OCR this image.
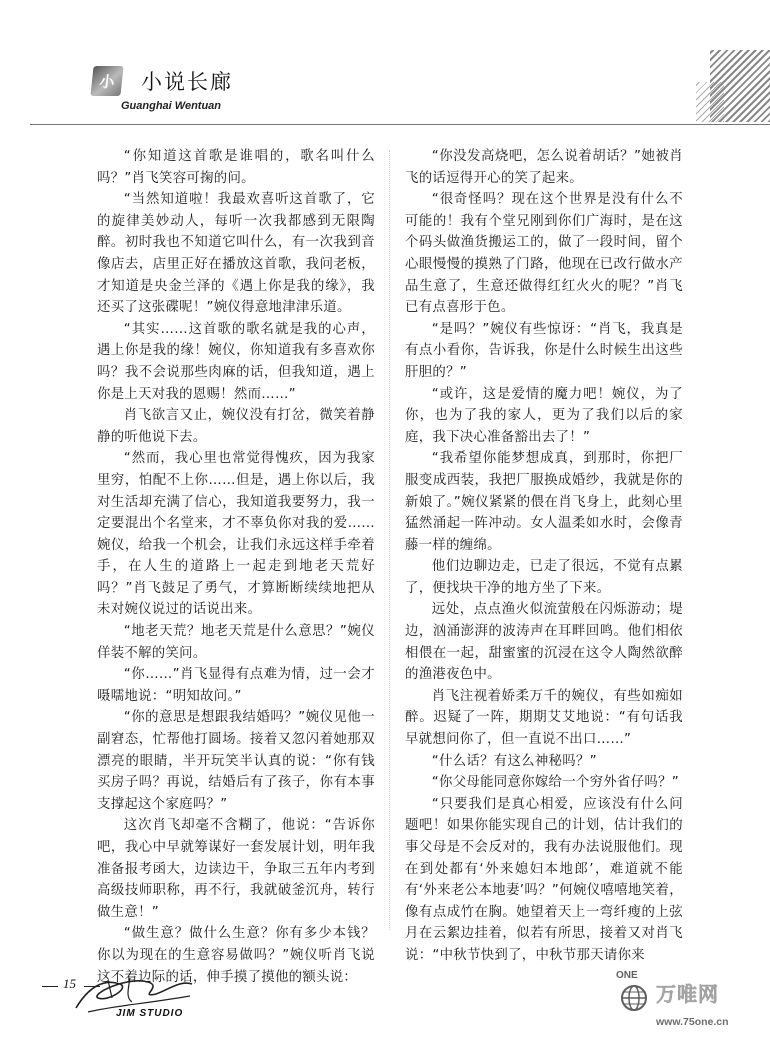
小 小说长廊
Guanghai Wentuan

“你知道这首歌是谁唱的，歌名叫什么吗？”肖飞笑容可掬的问。

“当然知道啦！我最欢喜听这首歌了，它的旋律美妙动人，每听一次我都感到无限陶醉。初时我也不知道它叫什么，有一次我到音像店去，店里正好在播放这首歌，我问老板，才知道是央金兰泽的《遇上你是我的缘》，我还买了这张碟呢！”婉仪得意地津津乐道。

“其实……这首歌的歌名就是我的心声，遇上你是我的缘！婉仪，你知道我有多喜欢你吗？我不会说那些肉麻的话，但我知道，遇上你是上天对我的恩赐！然而……”

肖飞欲言又止，婉仪没有打岔，微笑着静静的听他说下去。

“然而，我心里也常觉得愧疚，因为我家里穷，怕配不上你……但是，遇上你以后，我对生活却充满了信心，我知道我要努力，我一定要混出个名堂来，才不辜负你对我的爱……婉仪，给我一个机会，让我们永远这样手牵着手，在人生的道路上一起走到地老天荒好吗？”肖飞鼓足了勇气，才算断断续续地把从未对婉仪说过的话说出来。

“地老天荒？地老天荒是什么意思？”婉仪佯装不解的笑问。

“你……”肖飞显得有点难为情，过一会才嗫嚅地说：“明知故问。”

“你的意思是想跟我结婚吗？”婉仪见他一副窘态，忙帮他打圆场。接着又忽闪着她那双漂亮的眼睛，半开玩笑半认真的说：“你有钱买房子吗？再说，结婚后有了孩子，你有本事支撑起这个家庭吗？”

这次肖飞却毫不含糊了，他说：“告诉你吧，我心中早就筹谋好一套发展计划，明年我准备报考函大，边读边干，争取三五年内考到高级技师职称，再不行，我就破釜沉舟，转行做生意！”

“做生意？做什么生意？你有多少本钱？你以为现在的生意容易做吗？”婉仪听肖飞说这不着边际的话，伸手摸了摸他的额头说：

“你没发高烧吧，怎么说着胡话？”她被肖飞的话逗得开心的笑了起来。

“很奇怪吗？现在这个世界是没有什么不可能的！我有个堂兄刚到你们广海时，是在这个码头做渔货搬运工的，做了一段时间，留个心眼慢慢的摸熟了门路，他现在已改行做水产品生意了，生意还做得红红火火的呢？”肖飞已有点喜形于色。

“是吗？”婉仪有些惊讶：“肖飞，我真是有点小看你，告诉我，你是什么时候生出这些肝胆的？”

“或许，这是爱情的魔力吧！婉仪，为了你，也为了我的家人，更为了我们以后的家庭，我下决心准备豁出去了！”

“我希望你能梦想成真，到那时，你把厂服变成西装，我把厂服换成婚纱，我就是你的新娘了。”婉仪紧紧的偎在肖飞身上，此刻心里猛然涌起一阵冲动。女人温柔如水时，会像青藤一样的缠绵。

他们边聊边走，已走了很远，不觉有点累了，便找块干净的地方坐了下来。

远处，点点渔火似流萤般在闪烁游动；堤边，汹涌澎湃的波涛声在耳畔回鸣。他们相依相偎在一起，甜蜜蜜的沉浸在这令人陶然欲醉的渔港夜色中。

肖飞注视着娇柔万千的婉仪，有些如痴如醉。迟疑了一阵，期期艾艾地说：“有句话我早就想问你了，但一直说不出口……”

“什么话？有这么神秘吗？”

“你父母能同意你嫁给一个穷外省仔吗？”

“只要我们是真心相爱，应该没有什么问题吧！如果你能实现自己的计划，估计我们的事父母是不会反对的，我有办法说服他们。现在到处都有‘外来媳妇本地郎’，难道就不能有‘外来老公本地妻’吗？”何婉仪嘻嘻地笑着，像有点成竹在胸。她望着天上一弯纤瘦的上弦月在云絮边挂着，似若有所思，接着又对肖飞说：“中秋节快到了，中秋节那天请你来

15
JIM STUDIO
ONE
万唯网
www.75one.cn
